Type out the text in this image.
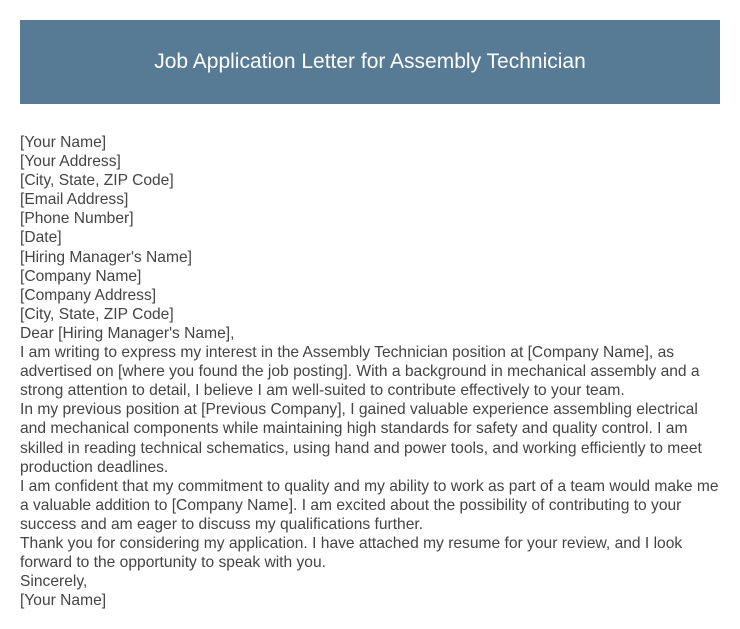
Job Application Letter for Assembly Technician
[Your Name]
[Your Address]
[City, State, ZIP Code]
[Email Address]
[Phone Number]
[Date]
[Hiring Manager's Name]
[Company Name]
[Company Address]
[City, State, ZIP Code]
Dear [Hiring Manager's Name],
I am writing to express my interest in the Assembly Technician position at [Company Name], as advertised on [where you found the job posting]. With a background in mechanical assembly and a strong attention to detail, I believe I am well-suited to contribute effectively to your team.
In my previous position at [Previous Company], I gained valuable experience assembling electrical and mechanical components while maintaining high standards for safety and quality control. I am skilled in reading technical schematics, using hand and power tools, and working efficiently to meet production deadlines.
I am confident that my commitment to quality and my ability to work as part of a team would make me a valuable addition to [Company Name]. I am excited about the possibility of contributing to your success and am eager to discuss my qualifications further.
Thank you for considering my application. I have attached my resume for your review, and I look forward to the opportunity to speak with you.
Sincerely,
[Your Name]
